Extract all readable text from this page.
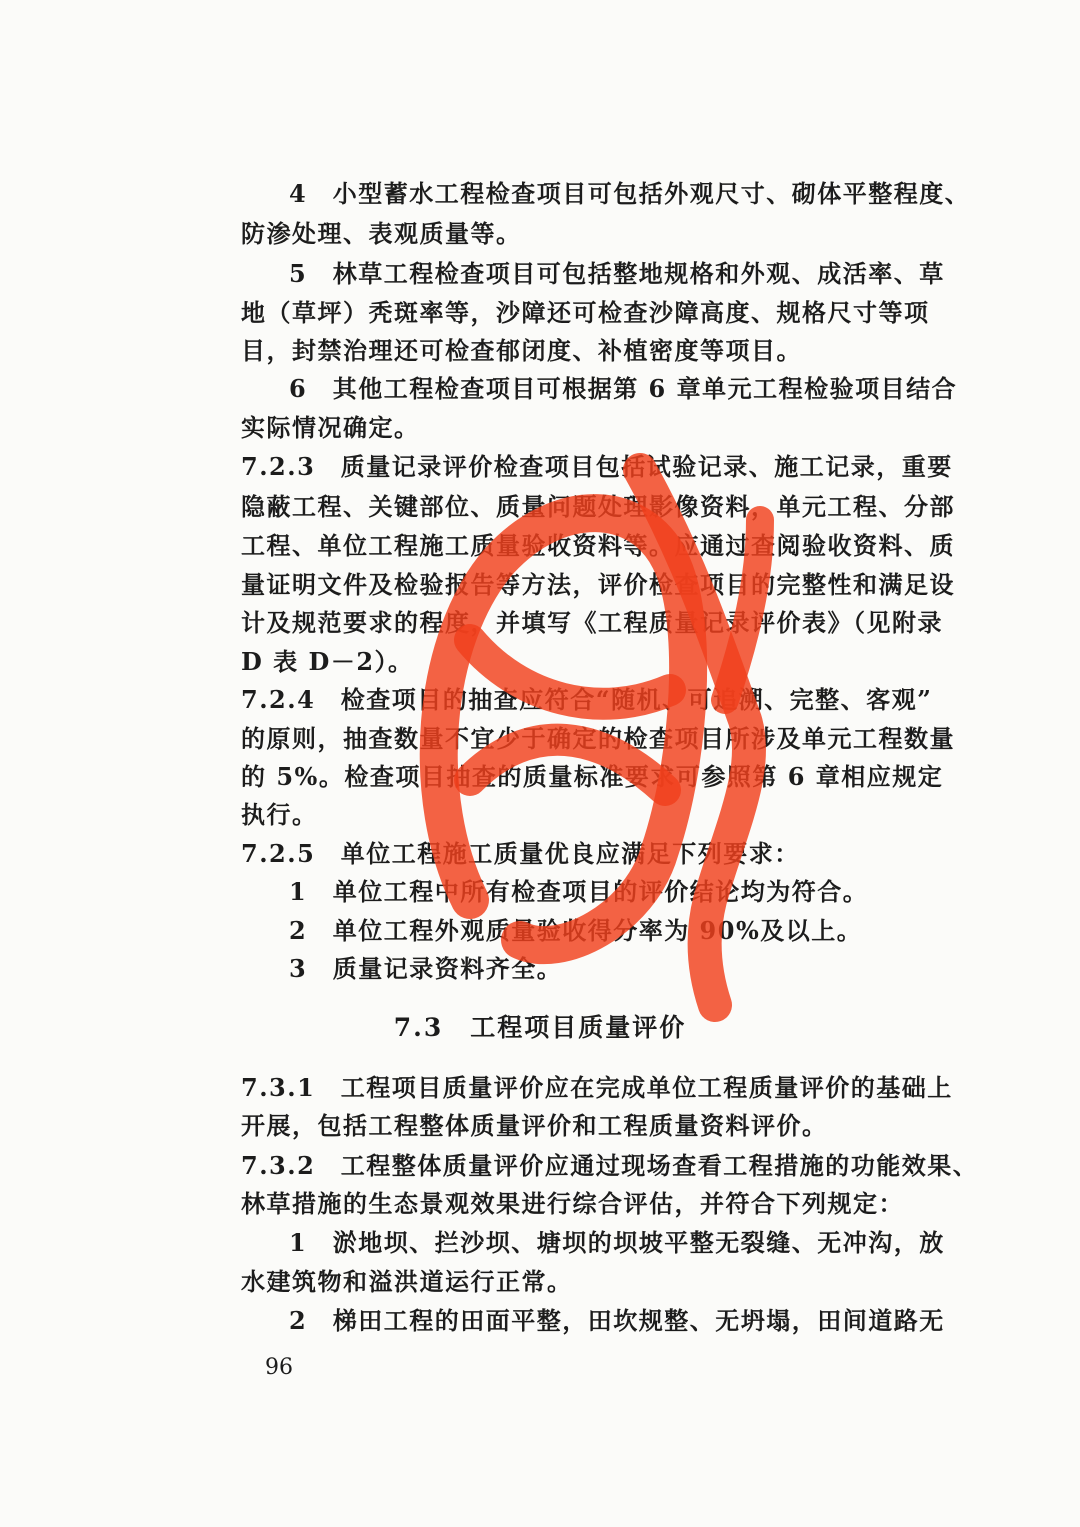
4　小型蓄水工程检查项目可包括外观尺寸、砌体平整程度、
防渗处理、表观质量等。
5　林草工程检查项目可包括整地规格和外观、成活率、草
地（草坪）秃斑率等，沙障还可检查沙障高度、规格尺寸等项
目，封禁治理还可检查郁闭度、补植密度等项目。
6　其他工程检查项目可根据第 6 章单元工程检验项目结合
实际情况确定。
7.2.3　质量记录评价检查项目包括试验记录、施工记录，重要
隐蔽工程、关键部位、质量问题处理影像资料，单元工程、分部
工程、单位工程施工质量验收资料等。应通过查阅验收资料、质
量证明文件及检验报告等方法，评价检查项目的完整性和满足设
计及规范要求的程度，并填写《工程质量记录评价表》（见附录
D 表 D－2）。
7.2.4　检查项目的抽查应符合“随机、可追溯、完整、客观”
的原则，抽查数量不宜少于确定的检查项目所涉及单元工程数量
的 5%。检查项目抽查的质量标准要求可参照第 6 章相应规定
执行。
7.2.5　单位工程施工质量优良应满足下列要求：
1　单位工程中所有检查项目的评价结论均为符合。
2　单位工程外观质量验收得分率为 90%及以上。
3　质量记录资料齐全。
7.3　工程项目质量评价
7.3.1　工程项目质量评价应在完成单位工程质量评价的基础上
开展，包括工程整体质量评价和工程质量资料评价。
7.3.2　工程整体质量评价应通过现场查看工程措施的功能效果、
林草措施的生态景观效果进行综合评估，并符合下列规定：
1　淤地坝、拦沙坝、塘坝的坝坡平整无裂缝、无冲沟，放
水建筑物和溢洪道运行正常。
2　梯田工程的田面平整，田坎规整、无坍塌，田间道路无
96
